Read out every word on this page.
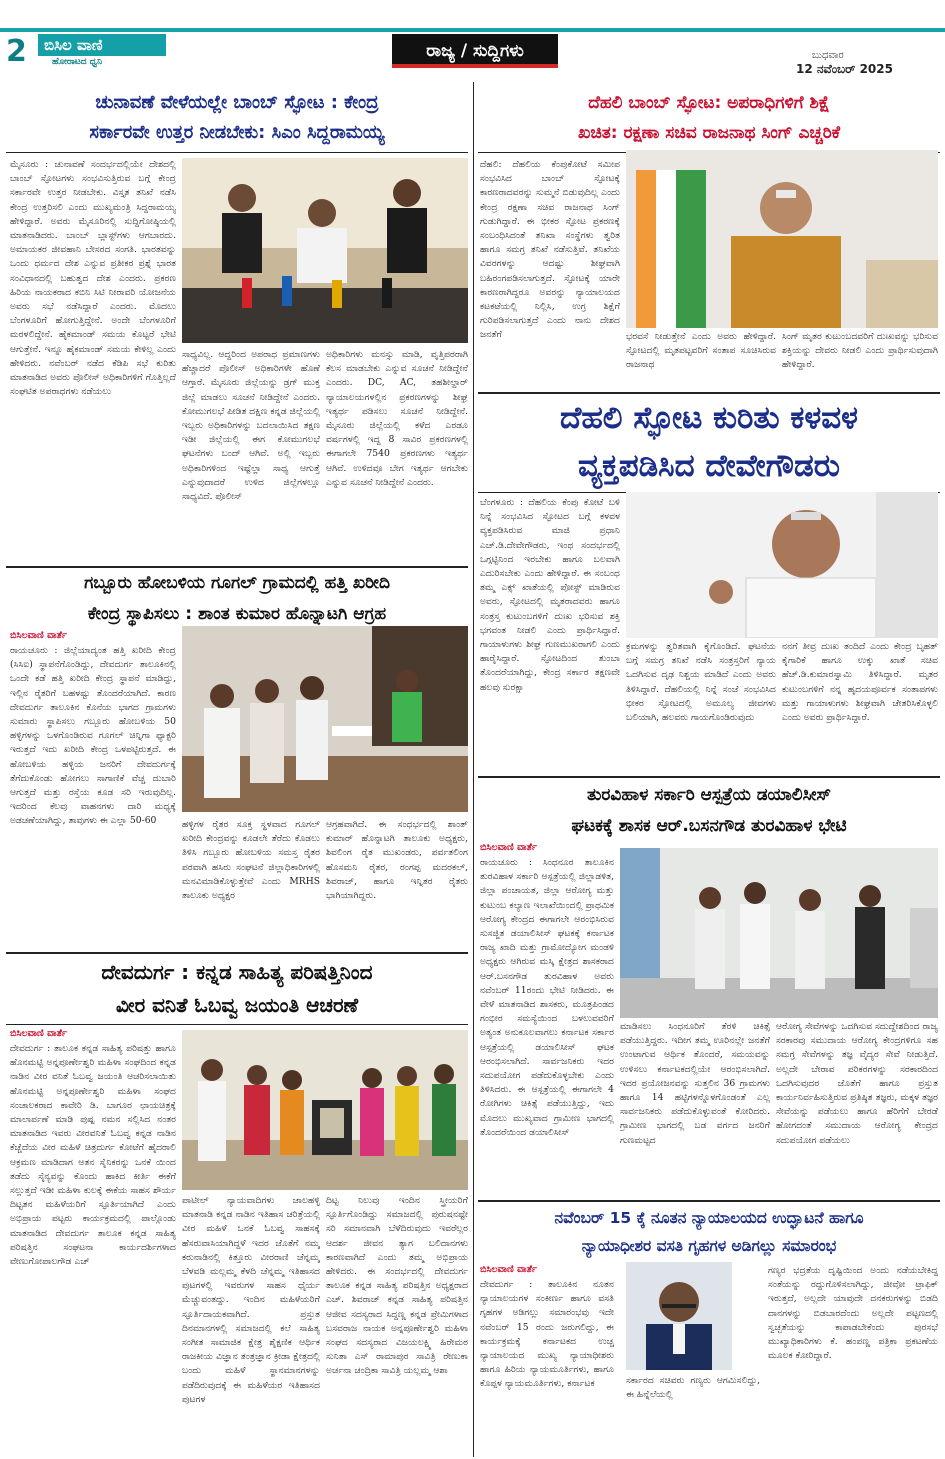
2	ಬಿಸಿಲ ವಾಣಿ
ಹೋರಾಟದ ಧ್ವನಿ
ರಾಜ್ಯ / ಸುದ್ದಿಗಳು	ಬುಧವಾರ
12 ನವೆಂಬರ್ 2025
ಚುನಾವಣೆ ವೇಳೆಯಲ್ಲೇ ಬಾಂಬ್ ಸ್ಫೋಟ : ಕೇಂದ್ರ
ಸರ್ಕಾರವೇ ಉತ್ತರ ನೀಡಬೇಕು: ಸಿಎಂ ಸಿದ್ದರಾಮಯ್ಯ
ಮೈಸೂರು : ಚುನಾವಣೆ ಸಂದರ್ಭದಲ್ಲಿಯೇ ದೇಶದಲ್ಲಿ ಬಾಂಬ್ ಸ್ಫೋಟಗಳು ಸಂಭವಿಸುತ್ತಿರುವ ಬಗ್ಗೆ ಕೇಂದ್ರ ಸರ್ಕಾರವೇ ಉತ್ತರ ನೀಡಬೇಕು. ವಿಸ್ತೃತ ತನಿಖೆ ನಡೆಸಿ ಕೇಂದ್ರ ಉತ್ತರಿಸಲಿ ಎಂದು ಮುಖ್ಯಮಂತ್ರಿ ಸಿದ್ದರಾಮಯ್ಯ ಹೇಳಿದ್ದಾರೆ. ಅವರು ಮೈಸೂರಿನಲ್ಲಿ ಸುದ್ದಿಗೋಷ್ಠಿಯಲ್ಲಿ ಮಾತನಾಡಿದರು. ಬಾಂಬ್ ಬ್ಲಾಸ್ಟ್‌ಗಳು ಆಗಬಾರದು. ಅಮಾಯಕರ ಜೀವಹಾನಿ ಬೇಸರದ ಸಂಗತಿ. ಭಾರತವನ್ನು ಒಂದು ಧರ್ಮದ ದೇಶ ಎನ್ನುವ ಪ್ರತೀಕರ ಪ್ರಶ್ನೆ ಭಾರತ ಸಂವಿಧಾನದಲ್ಲಿ ಬಹುತ್ವದ ದೇಶ ಎಂದರು. ಪ್ರಕರಣ ಹಿರಿಯ ನಾಯಕರಾದ ಕಬಿನಿ ಸಿಟಿ ನೀರಾವರಿ ಯೋಜನೆಯ ಅವರು ಸಭೆ ನಡೆಸಿದ್ದಾರೆ ಎಂದರು. ಮೊದಲು ಬೆಂಗಳೂರಿಗೆ ಹೋಗುತ್ತಿದ್ದೇನೆ. ಅಂದೇ ಬೆಂಗಳೂರಿಗೆ ಮರಳಲಿದ್ದೇನೆ. ಹೈಕಮಾಂಡ್ ಸಮಯ ಕೊಟ್ಟರೆ ಭೇಟಿ ಆಗುತ್ತೇನೆ. ಇನ್ನೂ ಹೈಕಮಾಂಡ್ ಸಮಯ ಕೇಳಿಲ್ಲ ಎಂದು ಹೇಳಿದರು. ನವೆಂಬರ್ ನಡೆದ ಕೆಡಿಪಿ ಸಭೆ ಕುರಿತು ಮಾತನಾಡಿದ ಅವರು ಪೊಲೀಸ್ ಅಧಿಕಾರಿಗಳಿಗೆ ಗೊತ್ತಿಲ್ಲದೆ ಸಂಘಟಿತ ಅಪರಾಧಗಳು ನಡೆಯಲು
ಸಾಧ್ಯವಿಲ್ಲ. ಆದ್ದರಿಂದ ಅಪರಾಧ ಪ್ರಮಾಣಗಳು ಹೆಚ್ಚಾದರೆ ಪೊಲೀಸ್ ಅಧಿಕಾರಿಗಳೇ ಹೊಣೆ ಆಗ್ತಾರೆ. ಮೈಸೂರು ಜಿಲ್ಲೆಯನ್ನು ಡ್ರಗ್ ಮುಕ್ತ ಜಿಲ್ಲೆ ಮಾಡಲು ಸೂಚನೆ ನೀಡಿದ್ದೇನೆ ಎಂದರು. ಕೋಮುಗಲಭೆ ಪೀಡಿತ ದಕ್ಷಿಣ ಕನ್ನಡ ಜಿಲ್ಲೆಯಲ್ಲಿ ಇಬ್ಬರು ಅಧಿಕಾರಿಗಳನ್ನು ಬದಲಾಯಿಸಿದ ತಕ್ಷಣ ಇಡೀ ಜಿಲ್ಲೆಯಲ್ಲಿ ಈಗ ಕೋಮುಗಲಭೆ ಘಟನೆಗಳು ಬಂದ್ ಆಗಿವೆ. ಅಲ್ಲಿ ಇಬ್ಬರು ಅಧಿಕಾರಿಗಳಿಂದ ಇಷ್ಟೆಲ್ಲಾ ಸಾಧ್ಯ ಆಗುತ್ತೆ ಎನ್ನುವುದಾದರೆ ಉಳಿದ ಜಿಲ್ಲೆಗಳಲ್ಲೂ ಸಾಧ್ಯವಿದೆ. ಪೊಲೀಸ್
ಅಧಿಕಾರಿಗಳು ಮನಸ್ಸು ಮಾಡಿ, ವೃತ್ತಿಪರರಾಗಿ ಕೆಲಸ ಮಾಡಬೇಕು ಎನ್ನುವ ಸೂಚನೆ ನೀಡಿದ್ದೇನೆ ಎಂದರು. DC, AC, ತಹಶೀಲ್ದಾರ್ ನ್ಯಾಯಾಲಯಗಳಲ್ಲಿನ ಪ್ರಕರಣಗಳನ್ನು ಶೀಘ್ರ ಇತ್ಯರ್ಥ ಪಡಿಸಲು ಸೂಚನೆ ನೀಡಿದ್ದೇನೆ. ಮೈಸೂರು ಜಿಲ್ಲೆಯಲ್ಲಿ ಕಳೆದ ಎರಡೂ ವರ್ಷಗಳಲ್ಲಿ ಇದ್ದ 8 ಸಾವಿರ ಪ್ರಕರಣಗಳಲ್ಲಿ ಈಗಾಗಲೇ 7540 ಪ್ರಕರಣಗಳು ಇತ್ಯರ್ಥ ಆಗಿವೆ. ಉಳಿದವೂ ಬೇಗ ಇತ್ಯರ್ಥ ಆಗಬೇಕು ಎನ್ನುವ ಸೂಚನೆ ನೀಡಿದ್ದೇನೆ ಎಂದರು.
ಗಬ್ಬೂರು ಹೋಬಳಿಯ ಗೂಗಲ್ ಗ್ರಾಮದಲ್ಲಿ ಹತ್ತಿ ಖರೀದಿ
ಕೇಂದ್ರ ಸ್ಥಾಪಿಸಲು : ಶಾಂತ ಕುಮಾರ ಹೊನ್ನಾಟಗಿ ಆಗ್ರಹ
ಬಿಸಿಲವಾಣಿ ವಾರ್ತೆ
ರಾಯಚೂರು : ಜಿಲ್ಲೆಯಾದ್ಯಂತ ಹತ್ತಿ ಖರೀದಿ ಕೇಂದ್ರ (ಸಿಸಿಐ) ಸ್ಥಾಪನೆಗೊಂಡಿದ್ದು, ದೇವದುರ್ಗ ತಾಲೂಕಿನಲ್ಲಿ ಒಂದೇ ಕಡೆ ಹತ್ತಿ ಖರೀದಿ ಕೇಂದ್ರ ಸ್ಥಾಪನೆ ಮಾಡಿದ್ದು, ಇಲ್ಲಿನ ರೈತರಿಗೆ ಬಹಳಷ್ಟು ತೊಂದರೆಯಾಗಿದೆ. ಕಾರಣ ದೇವದುರ್ಗ ತಾಲೂಕಿನ ಕೊನೆಯ ಭಾಗದ ಗ್ರಾಮಗಳು ಸುಮಾರು ಸ್ಥಾಪಿಸಲು ಗಬ್ಬೂರು ಹೋಬಳಿಯ 50 ಹಳ್ಳಿಗಳನ್ನು ಒಳಗೊಂಡಿರುವ ಗೂಗಲ್ ಚಿನ್ನಿಗಾ ಫ್ಯಾಕ್ಟರಿ ಇರುತ್ತದೆ ಇದು ಖರೀದಿ ಕೇಂದ್ರ ಒಳಪಟ್ಟಿರುತ್ತದೆ. ಈ ಹೋಬಳಿಯ ಹಳ್ಳಿಯ ಜನರಿಗೆ ದೇವದುರ್ಗಕ್ಕೆ ತೆಗೆದುಕೊಂಡು ಹೋಗಲು ಸಾಗಾಣಿಕೆ ವೆಚ್ಚ ದುಬಾರಿ ಆಗುತ್ತದೆ ಮತ್ತು ರಸ್ತೆಯ ಕೂಡ ಸರಿ ಇರುವುದಿಲ್ಲ. ಇದರಿಂದ ಕೆಲವು ವಾಹನಗಳು ದಾರಿ ಮಧ್ಯಕ್ಕೆ ಅಡಚಣೆಯಾಗಿದ್ದು, ತಾವುಗಳು ಈ ಎಲ್ಲಾ 50-60	ಹಳ್ಳಿಗಳ ರೈತರ ಸೂಕ್ತ ಸ್ಥಳವಾದ ಗೂಗಲ್ ಖರೀದಿ ಕೇಂದ್ರವನ್ನು ಕೂಡಲೇ ತೆರೆದು ಕೊಡಲು ತಿಳಿಸಿ ಗಬ್ಬೂರು ಹೋಬಳಿಯ ಸಮಸ್ತ ರೈತರ ಪರವಾಗಿ ಹಸಿರು ಸಂಘಟನೆ ಜಿಲ್ಲಾಧಿಕಾರಿಗಳಲ್ಲಿ ಮನವಿಮಾಡಿಕೊಳ್ಳುತ್ತೇವೆ ಎಂದು MRHS ತಾಲೂಕು ಅಧ್ಯಕ್ಷರ
ಆಗ್ರಹವಾಗಿದೆ. ಈ ಸಂಧರ್ಭದಲ್ಲಿ ಶಾಂತ್ ಕುಮಾರ್ ಹೊನ್ನಾಟಗಿ ತಾಲೂಕು ಅಧ್ಯಕ್ಷರು, ಶಿವಲಿಂಗ ರೈತ ಮುಖಂಡರು, ಪರ್ವತಲಿಂಗ ಹೊಸಮನಿ ರೈತರ, ರಂಗಪ್ಪ ಮದರಕಲ್, ಶಿವರಾಜ್, ಹಾಗೂ ಇನ್ನಿತರ ರೈತರು ಭಾಗಿಯಾಗಿದ್ದರು.
ದೇವದುರ್ಗ : ಕನ್ನಡ ಸಾಹಿತ್ಯ ಪರಿಷತ್ತಿನಿಂದ
ವೀರ ವನಿತೆ ಓಬವ್ವ ಜಯಂತಿ ಆಚರಣೆ
ಬಿಸಿಲವಾಣಿ ವಾರ್ತೆ
ದೇವದುರ್ಗ : ತಾಲೂಕ ಕನ್ನಡ ಸಾಹಿತ್ಯ ಪರಿಷತ್ತು ಹಾಗೂ ಹೊನಮಟ್ಟಿ ಅನ್ನಪೂರ್ಣೇಶ್ವರಿ ಮಹಿಳಾ ಸಂಘದಿಂದ ಕನ್ನಡ ನಾಡಿನ ವೀರ ವನಿತೆ ಓಬವ್ವ ಜಯಂತಿ ಆಚರಿಸಲಾಯಿತು ಹೊನಮಟ್ಟಿ ಅನ್ನಪೂರ್ಣೇಶ್ವರಿ ಮಹಿಳಾ ಸಂಘದ ಸಂಚಾಲಕರಾದ ಕಾವೇರಿ ಡಿ. ಬಾಗೂರ ಛಾಯಚಿತ್ರಕ್ಕೆ ಮಾಲಾರ್ಪಣೆ ಮಾಡಿ ಪುಷ್ಪ ನಮನ ಸಲ್ಲಿಸಿದ ನಂತರ ಮಾತನಾಡಿದ ಇವರು ವೀರವನಿತೆ ಓಬವ್ವ ಕನ್ನಡ ನಾಡಿನ ಕೆಚ್ಚೆದೆಯ ವೀರ ಮಹಿಳೆ ಚಿತ್ರದುರ್ಗ ಕೋಟೆಗೆ ಹೈದರಾಲಿ ಆಕ್ರಮಣ ಮಾಡಿದಾಗ ಆತನ ಸೈನಿಕರನ್ನು ಒನಕೆ ಯಿಂದ ತಡೆದು ಸೈನ್ಯವನ್ನು ಕೊಂದು ಹಾಕಿದ ಕೀರ್ತಿ ಈಕೆಗೆ ಸಲ್ಲುತ್ತದೆ ಇಡೀ ಮಹಿಳಾ ಕುಲಕ್ಕೆ ಈಕೆಯ ಸಾಹಸ ಶೌರ್ಯ ದಿಟ್ಟತನ ಮಹಿಳೆಯರಿಗೆ ಸ್ಫೂರ್ತಿಯಾಗಿದೆ ಎಂದು ಅಭಿಪ್ರಾಯ ಪಟ್ಟರು ಕಾರ್ಯಕ್ರಮದಲ್ಲಿ ಪಾಲ್ಗೊಂಡು ಮಾತನಾಡಿದ ದೇವದುರ್ಗ ತಾಲೂಕ ಕನ್ನಡ ಸಾಹಿತ್ಯ ಪರಿಷತ್ತಿನ ಸಂಘಟನಾ ಕಾರ್ಯದರ್ಶಿಗಳಾದ ವೇಣುಗೋಪಾಲಗೌಡ ಎಚ್
ಪಾಟೀಲ್ ನ್ಯಾಯವಾದಿಗಳು ಜಾಲಹಳ್ಳಿ ಮಾತನಾಡಿ ಕನ್ನಡ ನಾಡಿನ ಇತಿಹಾಸ ಚರಿತ್ರೆಯಲ್ಲಿ ವೀರ ಮಹಿಳೆ ಒನಕೆ ಓಬವ್ವ ಸಾಹಸಕ್ಕೆ ಹೆಸರುವಾಸಿಯಾಗಿದ್ದಳೆ ಇದರ ಜೊತೆಗೆ ನಮ್ಮ ಕರುನಾಡಿನಲ್ಲಿ ಕಿತ್ತೂರು ವೀರರಾಣಿ ಚೆನ್ನಮ್ಮ ಬೆಳವಡಿ ಮಲ್ಲಮ್ಮ ಕೆಳದಿ ಚೆನ್ನಮ್ಮ ಇತಿಹಾಸದ ಪುಟಗಳಲ್ಲಿ ಇವರುಗಳ ಸಾಹಸ ಧೈರ್ಯ ಮೆಚ್ಚುವಂತದ್ದು. ಇಂದಿನ ಮಹಿಳೆಯರಿಗೆ ಸ್ಫೂರ್ತಿದಾಯಕವಾಗಿದೆ. ಪ್ರಸ್ತುತ ದಿನಮಾನಗಳಲ್ಲಿ ಸಮಾಜದಲ್ಲಿ ಕಲೆ ಸಾಹಿತ್ಯ ಸಂಗೀತ ಸಾಮಾಜಿಕ ಕ್ಷೇತ್ರ ಶೈಕ್ಷಣಿಕ ಆರ್ಥಿಕ ರಾಜಕೀಯ ವಿಜ್ಞಾನ ತಂತ್ರಜ್ಞಾನ ಕ್ರೀಡಾ ಕ್ಷೇತ್ರದಲ್ಲಿ ಬಂದು ಮಹಿಳೆ ಸ್ಥಾನಮಾನಗಳನ್ನು ಪಡೆದಿರುವುದಕ್ಕೆ ಈ ಮಹಿಳೆಯರ ಇತಿಹಾಸದ ಪುಟಗಳ
ದಿಟ್ಟ ನಿಲುವು ಇಂದಿನ ಸ್ತ್ರೀಯರಿಗೆ ಸ್ಫೂರ್ತಿಗೊಂಡಿದ್ದು ಸಮಾಜದಲ್ಲಿ ಪುರುಷನಷ್ಟೇ ಸರಿ ಸಮಾನವಾಗಿ ಬೆಳೆದಿರುವುದು ಇವರೆಲ್ಲರ ಆದರ್ಶ ಜೀವನ ತ್ಯಾಗ ಬಲಿದಾನಗಳು ಕಾರಣವಾಗಿದೆ ಎಂದು ತಮ್ಮ ಅಭಿಪ್ರಾಯ ಹೇಳಿದರು. ಈ ಸಂದರ್ಭದಲ್ಲಿ ದೇವದುರ್ಗ ತಾಲೂಕ ಕನ್ನಡ ಸಾಹಿತ್ಯ ಪರಿಷತ್ತಿನ ಅಧ್ಯಕ್ಷರಾದ ಎಚ್. ಶಿವರಾಜ್ ಕನ್ನಡ ಸಾಹಿತ್ಯ ಪರಿಷತ್ತಿನ ಆಜೀವ ಸದಸ್ಯರಾದ ಸಿದ್ದಣ್ಣ ಕನ್ನಡ ಪ್ರೇಮಿಗಳಾದ ಬಸವರಾಜ ನಾಯಕ ಅನ್ನಪೂರ್ಣೇಶ್ವರಿ ಮಹಿಳಾ ಸಂಘದ ಸದಸ್ಯರಾದ ವಿಜಯಲಕ್ಷ್ಮಿ ಹಿರೇಮಠ ಸುನಿತಾ ಎಸ್ ರಾಮಾಪುರ ಸಾವಿತ್ರಿ ರೇಣುಕಾ ಅರ್ಚನಾ ಚಂದ್ರಿಕಾ ಸಾವಿತ್ರಿ ಯಲ್ಲಮ್ಮ ಆಶಾ
ದೆಹಲಿ ಬಾಂಬ್ ಸ್ಫೋಟ: ಅಪರಾಧಿಗಳಿಗೆ ಶಿಕ್ಷೆ
ಖಚಿತ: ರಕ್ಷಣಾ ಸಚಿವ ರಾಜನಾಥ ಸಿಂಗ್ ಎಚ್ಚರಿಕೆ
ದೆಹಲಿ: ದೆಹಲಿಯ ಕೆಂಪುಕೋಟೆ ಸಮೀಪ ಸಂಭವಿಸಿದ ಬಾಂಬ್ ಸ್ಫೋಟಕ್ಕೆ ಕಾರಣರಾದವರನ್ನು ಸುಮ್ಮನೆ ಬಿಡುವುದಿಲ್ಲ ಎಂದು ಕೇಂದ್ರ ರಕ್ಷಣಾ ಸಚಿವ ರಾಜನಾಥ ಸಿಂಗ್ ಗುಡುಗಿದ್ದಾರೆ. ಈ ಭೀಕರ ಸ್ಫೋಟ ಪ್ರಕರಣಕ್ಕೆ ಸಂಬಂಧಿಸಿದಂತೆ ತನಿಖಾ ಸಂಸ್ಥೆಗಳು ತ್ವರಿತ ಹಾಗೂ ಸಮಗ್ರ ತನಿಖೆ ನಡೆಸುತ್ತಿವೆ. ತನಿಖೆಯ ವಿವರಗಳನ್ನು ಆದಷ್ಟು ಶೀಘ್ರವಾಗಿ ಬಹಿರಂಗಪಡಿಸಲಾಗುತ್ತದೆ. ಸ್ಫೋಟಕ್ಕೆ ಯಾರೇ ಕಾರಣರಾಗಿದ್ದರೂ ಅವರನ್ನು ನ್ಯಾಯಾಲಯದ ಕಟಕಟೆಯಲ್ಲಿ ನಿಲ್ಲಿಸಿ, ಉಗ್ರ ಶಿಕ್ಷೆಗೆ ಗುರಿಪಡಿಸಲಾಗುತ್ತದೆ ಎಂದು ನಾನು ದೇಶದ ಜನತೆಗೆ	ಭರವಸೆ ನೀಡುತ್ತೇನೆ ಎಂದು ಅವರು ಹೇಳಿದ್ದಾರೆ. ಸ್ಫೋಟದಲ್ಲಿ ಮೃತಪಟ್ಟವರಿಗೆ ಸಂತಾಪ ಸೂಚಿಸಿರುವ ರಾಜನಾಥ
ಸಿಂಗ್ ಮೃತರ ಕುಟುಂಬದವರಿಗೆ ದುಃಖವನ್ನು ಭರಿಸುವ ಶಕ್ತಿಯನ್ನು ದೇವರು ನೀಡಲಿ ಎಂದು ಪ್ರಾರ್ಥಿಸುವುದಾಗಿ ಹೇಳಿದ್ದಾರೆ.
ದೆಹಲಿ ಸ್ಫೋಟ ಕುರಿತು ಕಳವಳ
ವ್ಯಕ್ತಪಡಿಸಿದ ದೇವೇಗೌಡರು
ಬೆಂಗಳೂರು : ದೆಹಲಿಯ ಕೆಂಪು ಕೋಟೆ ಬಳಿ ನಿನ್ನೆ ಸಂಭವಿಸಿದ ಸ್ಫೋಟದ ಬಗ್ಗೆ ಕಳವಳ ವ್ಯಕ್ತಪಡಿಸಿರುವ ಮಾಜಿ ಪ್ರಧಾನಿ ಎಚ್.ಡಿ.ದೇವೇಗೌಡರು, ಇಂಥ ಸಂದರ್ಭದಲ್ಲಿ ಒಗ್ಗಟ್ಟಿನಿಂದ ಇರಬೇಕು ಹಾಗೂ ಬಲವಾಗಿ ಎದುರಿಸಬೇಕು ಎಂದು ಹೇಳಿದ್ದಾರೆ. ಈ ಸಂಬಂಧ ತಮ್ಮ ಎಕ್ಸ್ ಖಾತೆಯಲ್ಲಿ ಪೋಸ್ಟ್ ಮಾಡಿರುವ ಅವರು, ಸ್ಫೋಟದಲ್ಲಿ ಮೃತರಾದವರು ಹಾಗೂ ಸಂತ್ರಸ್ತ ಕುಟುಂಬಗಳಿಗೆ ದುಃಖ ಭರಿಸುವ ಶಕ್ತಿ ಭಗವಂತ ನೀಡಲಿ ಎಂದು ಪ್ರಾರ್ಥಿಸಿದ್ದಾರೆ. ಗಾಯಾಳುಗಳು ಶೀಘ್ರ ಗುಣಮುಖರಾಗಲಿ ಎಂದು ಹಾರೈಸಿದ್ದಾರೆ. ಸ್ಫೋಟದಿಂದ ತುಂಬಾ ತೊಂದರೆಯಾಗಿದ್ದು, ಕೇಂದ್ರ ಸರ್ಕಾರ ತಕ್ಷಣವೇ ಹಲವು ಸುರಕ್ಷಾ
ಕ್ರಮಗಳನ್ನು ತ್ವರಿತವಾಗಿ ಕೈಗೊಂಡಿದೆ. ಘಟನೆಯ ಬಗ್ಗೆ ಸಮಗ್ರ ತನಿಖೆ ನಡೆಸಿ ಸಂತ್ರಸ್ತರಿಗೆ ನ್ಯಾಯ ಒದಗಿಸುವ ದೃಢ ನಿಶ್ಚಯ ಮಾಡಿದೆ ಎಂದು ಅವರು ತಿಳಿಸಿದ್ದಾರೆ. ದೆಹಲಿಯಲ್ಲಿ ನಿನ್ನೆ ಸಂಜೆ ಸಂಭವಿಸಿದ ಭೀಕರ ಸ್ಫೋಟದಲ್ಲಿ ಅಮೂಲ್ಯ ಜೀವಗಳು ಬಲಿಯಾಗಿ, ಹಲವರು ಗಾಯಗೊಂಡಿರುವುದು
ನನಗೆ ತೀವ್ರ ದುಃಖ ತಂದಿದೆ ಎಂದು ಕೇಂದ್ರ ಬೃಹತ್ ಕೈಗಾರಿಕೆ ಹಾಗೂ ಉಕ್ಕು ಖಾತೆ ಸಚಿವ ಹೆಚ್.ಡಿ.ಕುಮಾರಸ್ವಾಮಿ ತಿಳಿಸಿದ್ದಾರೆ. ಮೃತರ ಕುಟುಂಬಗಳಿಗೆ ನನ್ನ ಹೃದಯಪೂರ್ವಕ ಸಂತಾಪಗಳು ಮತ್ತು ಗಾಯಾಳುಗಳು ಶೀಘ್ರವಾಗಿ ಚೇತರಿಸಿಕೊಳ್ಳಲಿ ಎಂದು ಅವರು ಪ್ರಾರ್ಥಿಸಿದ್ದಾರೆ.
ತುರವಿಹಾಳ ಸರ್ಕಾರಿ ಆಸ್ಪತ್ರೆಯ ಡಯಾಲಿಸೀಸ್
ಘಟಕಕ್ಕೆ ಶಾಸಕ ಆರ್.ಬಸನಗೌಡ ತುರವಿಹಾಳ ಭೇಟಿ
ಬಿಸಿಲವಾಣಿ ವಾರ್ತೆ
ರಾಯಚೂರು : ಸಿಂಧನೂರ ತಾಲೂಕಿನ ತುರವಿಹಾಳ ಸರ್ಕಾರಿ ಆಸ್ಪತ್ರೆಯಲ್ಲಿ ಜಿಲ್ಲಾಡಳಿತ, ಜಿಲ್ಲಾ ಪಂಚಾಯತ, ಜಿಲ್ಲಾ ಆರೋಗ್ಯ ಮತ್ತು ಕುಟುಂಬ ಕಲ್ಯಾಣ ಇಲಾಖೆಯಿಂದಲ್ಲಿ ಪ್ರಾಥಮಿಕ ಆರೋಗ್ಯ ಕೇಂದ್ರದ ಈಗಾಗಲೇ ಆರಂಭಿಸಿರುವ ಸುಸಜ್ಜಿತ ಡಯಾಲಿಸೀಸ್ ಘಟಕಕ್ಕೆ ಕರ್ನಾಟಕ ರಾಜ್ಯ ಖಾದಿ ಮತ್ತು ಗ್ರಾಮೋದ್ಯೋಗ ಮಂಡಳಿ ಅಧ್ಯಕ್ಷರು ಆಗಿರುವ ಮಸ್ಕಿ ಕ್ಷೇತ್ರದ ಶಾಸಕರಾದ ಆರ್.ಬಸನಗೌಡ ತುರವಿಹಾಳ ಅವರು ನವೆಂಬರ್ 11ರಂದು ಭೇಟಿ ನೀಡಿದರು. ಈ ವೇಳೆ ಮಾತನಾಡಿದ ಶಾಸಕರು, ಮೂತ್ರಪಿಂಡದ ಗಂಭೀರ ಸಮಸ್ಯೆಯಿಂದ ಬಳಲುವವರಿಗೆ ಅತ್ಯಂತ ಅನುಕೂಲವಾಗಲು ಕರ್ನಾಟಕ ಸರ್ಕಾರ ಆಸ್ಪತ್ರೆಯಲ್ಲಿ ಡಯಾಲಿಸೀಸ್ ಘಟಕ ಆರಂಭಿಸಲಾಗಿದೆ. ಸಾರ್ವಜನಿಕರು ಇದರ ಸದುಪಯೋಗ ಪಡೆದುಕೊಳ್ಳಬೇಕು ಎಂದು ತಿಳಿಸಿದರು. ಈ ಆಸ್ಪತ್ರೆಯಲ್ಲಿ ಈಗಾಗಲೇ 4 ರೋಗಿಗಳು ಚಿಕಿತ್ಸೆ ಪಡೆಯುತ್ತಿದ್ದು, ಇದು ಮೊದಲು ಮುಖ್ಯವಾದ ಗ್ರಾಮೀಣ ಭಾಗದಲ್ಲಿ ತೊಂದರೆಯಿಂದ ಡಯಾಲಿಸೀಸ್
ಮಾಡಿಸಲು ಸಿಂಧನೂರಿಗೆ ತೆರಳಿ ಚಿಕಿತ್ಸೆ ಪಡೆಯುತ್ತಿದ್ದರು. ಇದೀಗ ತಮ್ಮ ಊರಿನಲ್ಲೇ ಜನತೆಗೆ ಉಂಟಾಗುವ ಆರ್ಥಿಕ ತೊಂದರೆ, ಸಮಯವನ್ನು ಉಳಿಸಲು ಕರ್ನಾಟಕದಲ್ಲಿಯೇ ಆರಂಭಿಸಲಾಗಿದೆ. ಇದರ ಪ್ರಯೋಜನವನ್ನು ಸುತ್ತಲಿನ 36 ಗ್ರಾಮಗಳು ಹಾಗೂ 14 ಹಟ್ಟಿಗಳನ್ನೊಳಗೊಂಡಂತೆ ಎಲ್ಲ ಸಾರ್ವಜನಿಕರು ಪಡೆದುಕೊಳ್ಳುವಂತೆ ಕೋರಿದರು. ಗ್ರಾಮೀಣ ಭಾಗದಲ್ಲಿ ಬಡ ವರ್ಗದ ಜನರಿಗೆ ಗುಣಮಟ್ಟದ
ಆರೋಗ್ಯ ಸೇವೆಗಳನ್ನು ಒದಗಿಸುವ ಸದುದ್ದೇಶದಿಂದ ರಾಜ್ಯ ಸರಕಾರವು ಸಮುದಾಯ ಆರೋಗ್ಯ ಕೇಂದ್ರಗಳಿಗೂ ಸಹ ಸಮಗ್ರ ಸೇವೆಗಳನ್ನು ತಜ್ಞ ವೈದ್ಯರ ಸೇವೆ ನೀಡುತ್ತಿದೆ. ಅಲ್ಲದೇ ಬೇರಾವ ಪರಿಕರಗಳನ್ನು ಸರಕಾರದಿಂದ ಒದಗಿಸುವುದರ ಜೊತೆಗೆ ಹಾಗೂ ಪ್ರಸ್ತುತ ಕಾರ್ಯನಿರ್ವಹಿಸುತ್ತಿರುವ ಪ್ರತಿಷ್ಠಿತ ತಜ್ಞರು, ಮಕ್ಕಳ ತಜ್ಞರ ಸೇವೆಯನ್ನು ಪಡೆಯಲು ಹಾಗೂ ಹೆರಿಗೆಗೆ ಬೇರಡೆ ಹೋಗದಂತೆ ಸಮುದಾಯ ಆರೋಗ್ಯ ಕೇಂದ್ರದ ಸದುಪಯೋಗ ಪಡೆಯಲು
ನವೆಂಬರ್ 15 ಕ್ಕೆ ನೂತನ ನ್ಯಾಯಾಲಯದ ಉದ್ಘಾಟನೆ ಹಾಗೂ
ನ್ಯಾಯಾಧೀಶರ ವಸತಿ ಗೃಹಗಳ ಅಡಿಗಲ್ಲು ಸಮಾರಂಭ
ಬಿಸಿಲವಾಣಿ ವಾರ್ತೆ
ದೇವದುರ್ಗ : ತಾಲೂಕಿನ ನೂತನ ನ್ಯಾಯಾಲಯಗಳ ಸಂಕೀರ್ಣ ಹಾಗೂ ವಸತಿ ಗೃಹಗಳ ಅಡಿಗಲ್ಲು ಸಮಾರಂಭವು ಇದೇ ನವೆಂಬರ್ 15 ರಂದು ಜರುಗಲಿದ್ದು, ಈ ಕಾರ್ಯಕ್ರಮಕ್ಕೆ ಕರ್ನಾಟಕದ ಉಚ್ಚ ನ್ಯಾಯಾಲಯದ ಮುಖ್ಯ ನ್ಯಾಯಾಧೀಶರು ಹಾಗೂ ಹಿರಿಯ ನ್ಯಾಯಮೂರ್ತಿಗಳು, ಹಾಗೂ ಕೊಪ್ಪಳ ನ್ಯಾಯಮೂರ್ತಿಗಳು, ಕರ್ನಾಟಕ	ಸರ್ಕಾರದ ಸಚಿವರು ಗಣ್ಯರು ಆಗಮಿಸಲಿದ್ದು, ಈ ಹಿನ್ನೆಲೆಯಲ್ಲಿ
ಗಣ್ಯರ ಭದ್ರತೆಯ ದೃಷ್ಟಿಯಿಂದ ಅಂದು ನಡೆಯಬೇಕಿದ್ದ ಸಂತೆಯನ್ನು ರದ್ದುಗೊಳಿಸಲಾಗಿದ್ದು, ಜೀವೋ ಟ್ರಾಫಿಕ್ ಇರುತ್ತದೆ, ಅಲ್ಲದೇ ಯಾವುದೇ ದನಕರುಗಳನ್ನು ಬಿಡದಿ ದಾನಗಳನ್ನು ಬಿಡಬಾರದೆಂದು ಅಲ್ಲದೇ ಪಟ್ಟಣದಲ್ಲಿ ಸ್ವಚ್ಛತೆಯನ್ನು ಕಾಪಾಡಬೇಕೆಂದು ಪುರಸಭೆ ಮುಖ್ಯಾಧಿಕಾರಿಗಳು ಕೆ. ಹಂಪಣ್ಣ ಪತ್ರಿಕಾ ಪ್ರಕಟಣೆಯ ಮೂಲಕ ಕೋರಿದ್ದಾರೆ.
